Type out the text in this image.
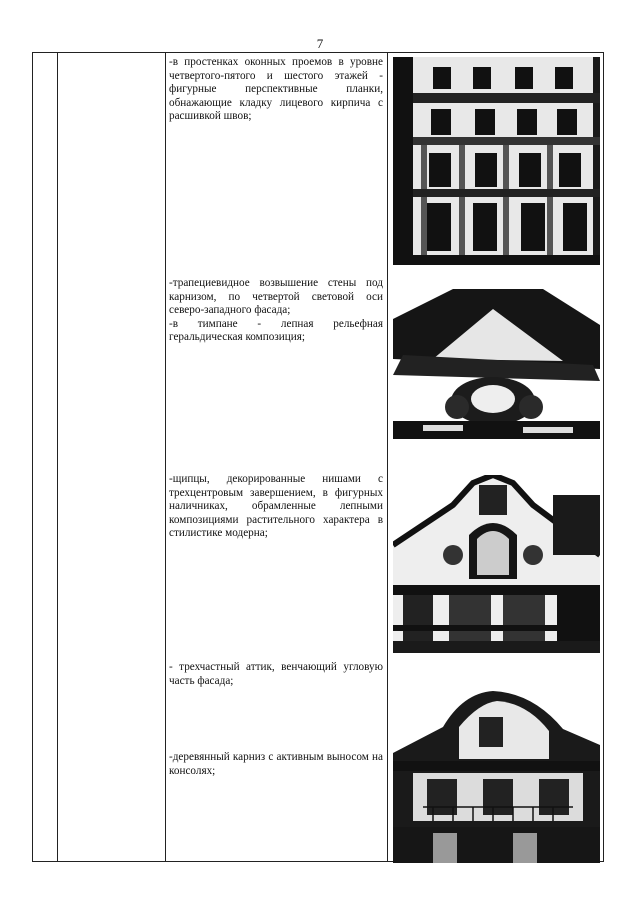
7

-в простенках оконных проемов в уровне четвертого-пятого и шестого этажей - фигурные перспективные планки, обнажающие кладку лицевого кирпича с расшивкой швов;

-трапециевидное возвышение стены под карнизом, по четвертой световой оси северо-западного фасада;

-в тимпане - лепная рельефная геральдическая композиция;

-щипцы, декорированные нишами с трехцентровым завершением, в фигурных наличниках, обрамленные лепными композициями растительного характера в стилистике модерна;

- трехчастный аттик, венчающий угловую часть фасада;

-деревянный карниз с активным выносом на консолях;
